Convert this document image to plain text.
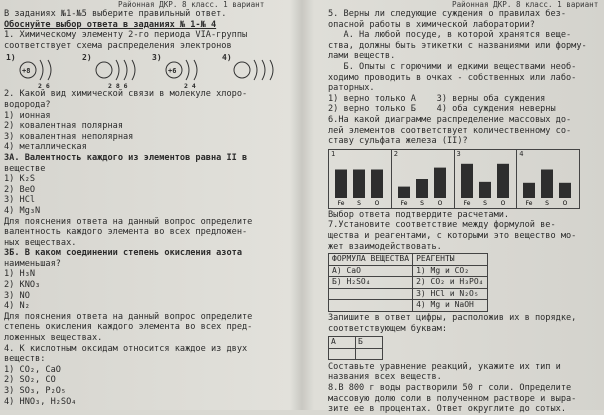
Районная ДКР. 8 класс. 1 вариант	Районная ДКР. 8 класс. 1 вариант

В заданиях №1-№5 выберите правильный ответ.

Обоснуйте выбор ответа в заданиях № 1-№ 4

1. Химическому элементу 2-го периода VIA-группы

соответствует схема распределения электронов

1)
+8
2 6
2)
2 8 6
3)
+6
2 4
4)

2. Какой вид химической связи в молекуле хлоро-

водорода?

1) ионная

2) ковалентная полярная

3) ковалентная неполярная

4) металлическая

3А. Валентность каждого из элементов равна II в

веществе

1) K₂S

2) BeO

3) HCl

4) Mg₃N

Для пояснения ответа на данный вопрос определите

валентность каждого элемента во всех предложен-

ных веществах.

3Б. В каком соединении степень окисления азота

наименьшая?

1) H₃N

2) KNO₃

3) NO

4) N₂

Для пояснения ответа на данный вопрос определите

степень окисления каждого элемента во всех пред-

ложенных веществах.

4. К кислотным оксидам относится каждое из двух

веществ:

1) CO₂, CaO

2) SO₂, CO

3) SO₃, P₂O₅

4) HNO₃, H₂SO₄

5. Верны ли следующие суждения о правилах без-

опасной работы в химической лаборатории?

А. На любой посуде, в которой хранятся веще-

ства, должны быть этикетки с названиями или форму-

лами веществ.

Б. Опыты с горючими и едкими веществами необ-

ходимо проводить в очках - собственных или лабо-

раторных.

1) верно только А    3) верны оба суждения

2) верно только Б    4) оба суждения неверны

6.На какой диаграмме распределение массовых до-

лей элементов соответствует количественному со-

ставу сульфата железа (II)?

1
Fe S O
2
Fe S O
3
Fe S O
4
Fe S O

Выбор ответа подтвердите расчетами.

7.Установите соответствие между формулой ве-

щества и реагентами, с которыми это вещество мо-

жет взаимодействовать.

ФОРМУЛА ВЕЩЕСТВА	РЕАГЕНТЫ
А) CaO	1) Mg и CO₂
Б) H₂SO₄	2) CO₂ и H₃PO₄
	3) HCl и N₂O₅
	4) Mg и NaOH

Запишите в ответ цифры, расположив их в порядке,

соответствующем буквам:

А	Б

Составьте уравнение реакций, укажите их тип и

названия всех веществ.

8.В 800 г воды растворили 50 г соли. Определите

массовую долю соли в полученном растворе и выра-

зите ее в процентах. Ответ округлите до сотых.
